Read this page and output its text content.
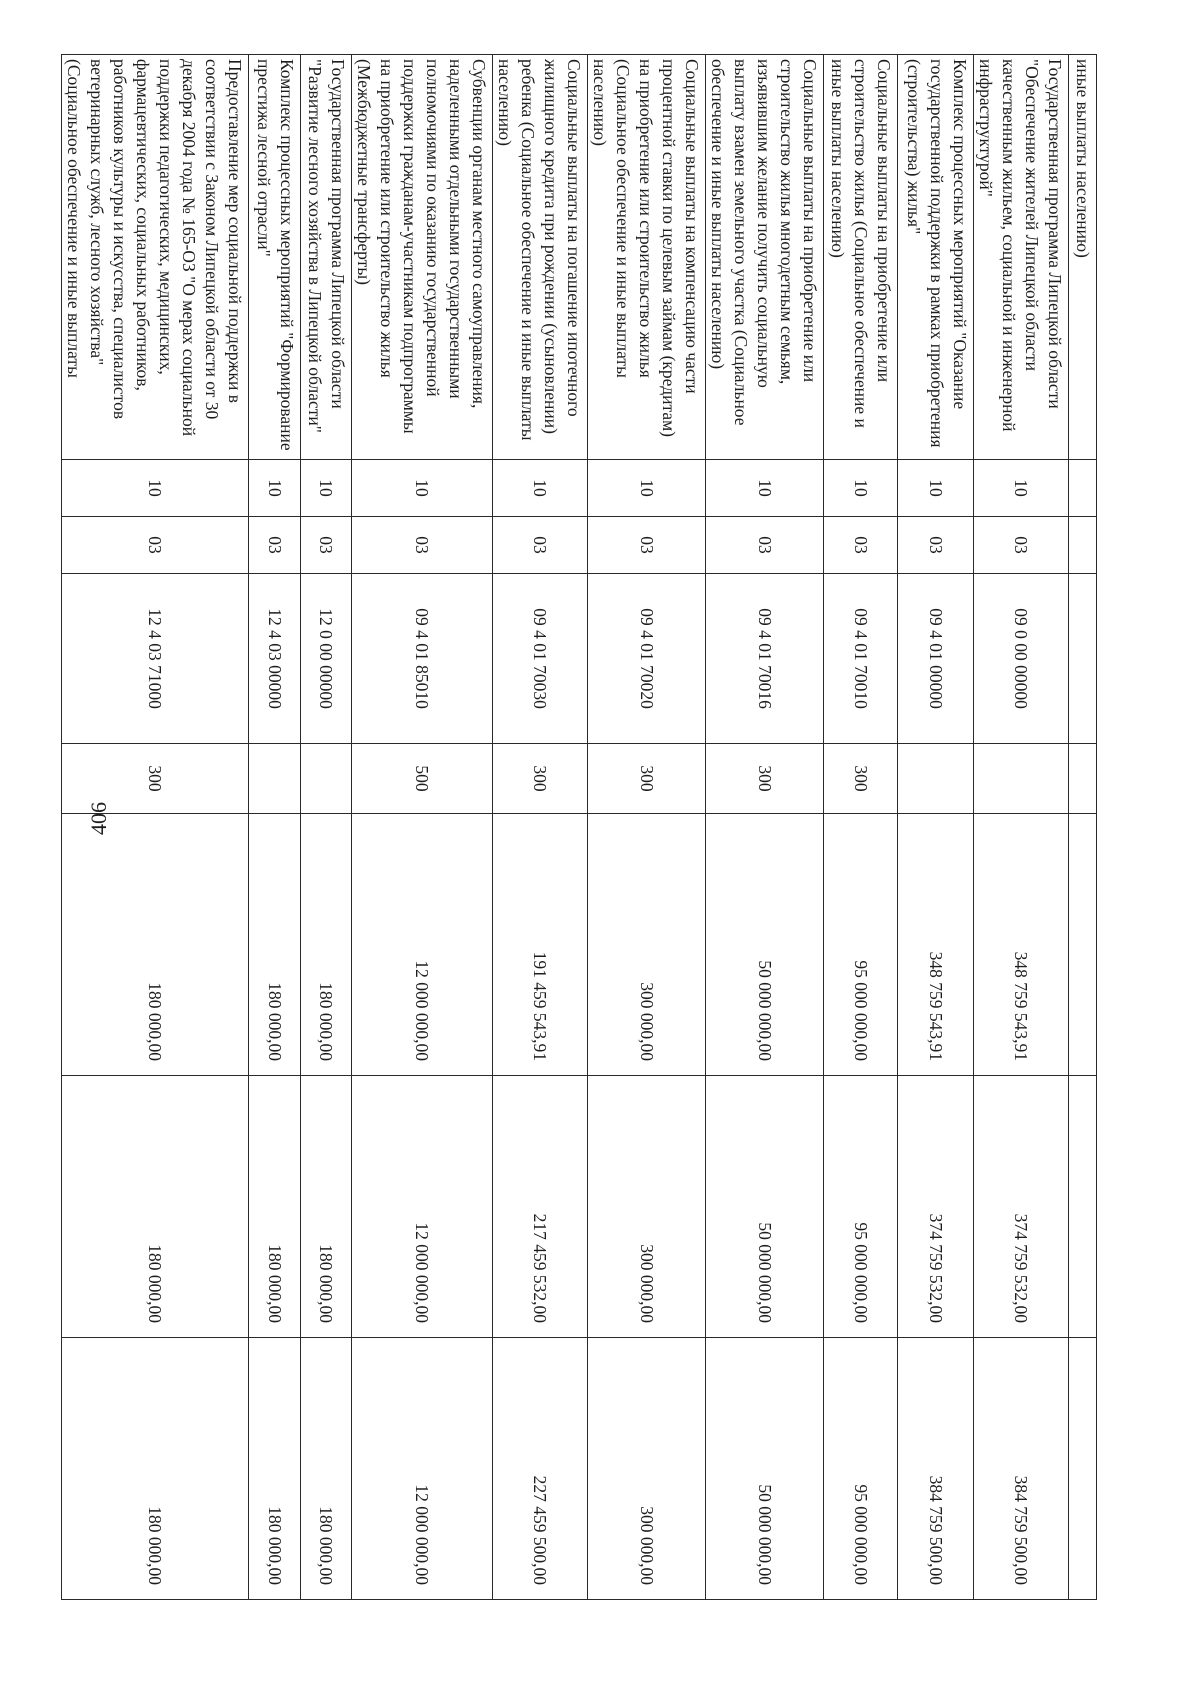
406
иные выплаты населению)							
Государственная программа Липецкой области "Обеспечение жителей Липецкой области качественным жильем, социальной и инженерной инфраструктурой"	10	03	09 0 00 00000		348 759 543,91	374 759 532,00	384 759 500,00
Комплекс процессных мероприятий "Оказание государственной поддержки в рамках приобретения (строительства) жилья"	10	03	09 4 01 00000		348 759 543,91	374 759 532,00	384 759 500,00
Социальные выплаты на приобретение или строительство жилья (Социальное обеспечение и иные выплаты населению)	10	03	09 4 01 70010	300	95 000 000,00	95 000 000,00	95 000 000,00
Социальные выплаты на приобретение или строительство жилья многодетным семьям, изъявившим желание получить социальную выплату взамен земельного участка (Социальное обеспечение и иные выплаты населению)	10	03	09 4 01 70016	300	50 000 000,00	50 000 000,00	50 000 000,00
Социальные выплаты на компенсацию части процентной ставки по целевым займам (кредитам) на приобретение или строительство жилья (Социальное обеспечение и иные выплаты населению)	10	03	09 4 01 70020	300	300 000,00	300 000,00	300 000,00
Социальные выплаты на погашение ипотечного жилищного кредита при рождении (усыновлении) ребенка (Социальное обеспечение и иные выплаты населению)	10	03	09 4 01 70030	300	191 459 543,91	217 459 532,00	227 459 500,00
Субвенции органам местного самоуправления, наделенными отдельными государственными полномочиями по оказанию государственной поддержки гражданам-участникам подпрограммы на приобретение или строительство жилья (Межбюджетные трансферты)	10	03	09 4 01 85010	500	12 000 000,00	12 000 000,00	12 000 000,00
Государственная программа Липецкой области "Развитие лесного хозяйства в Липецкой области"	10	03	12 0 00 00000		180 000,00	180 000,00	180 000,00
Комплекс процессных мероприятий "Формирование престижа лесной отрасли"	10	03	12 4 03 00000		180 000,00	180 000,00	180 000,00
Предоставление мер социальной поддержки в соответствии с Законом Липецкой области от 30 декабря 2004 года № 165-ОЗ "О мерах социальной поддержки педагогических, медицинских, фармацевтических, социальных работников, работников культуры и искусства, специалистов ветеринарных служб, лесного хозяйства" (Социальное обеспечение и иные выплаты	10	03	12 4 03 71000	300	180 000,00	180 000,00	180 000,00
